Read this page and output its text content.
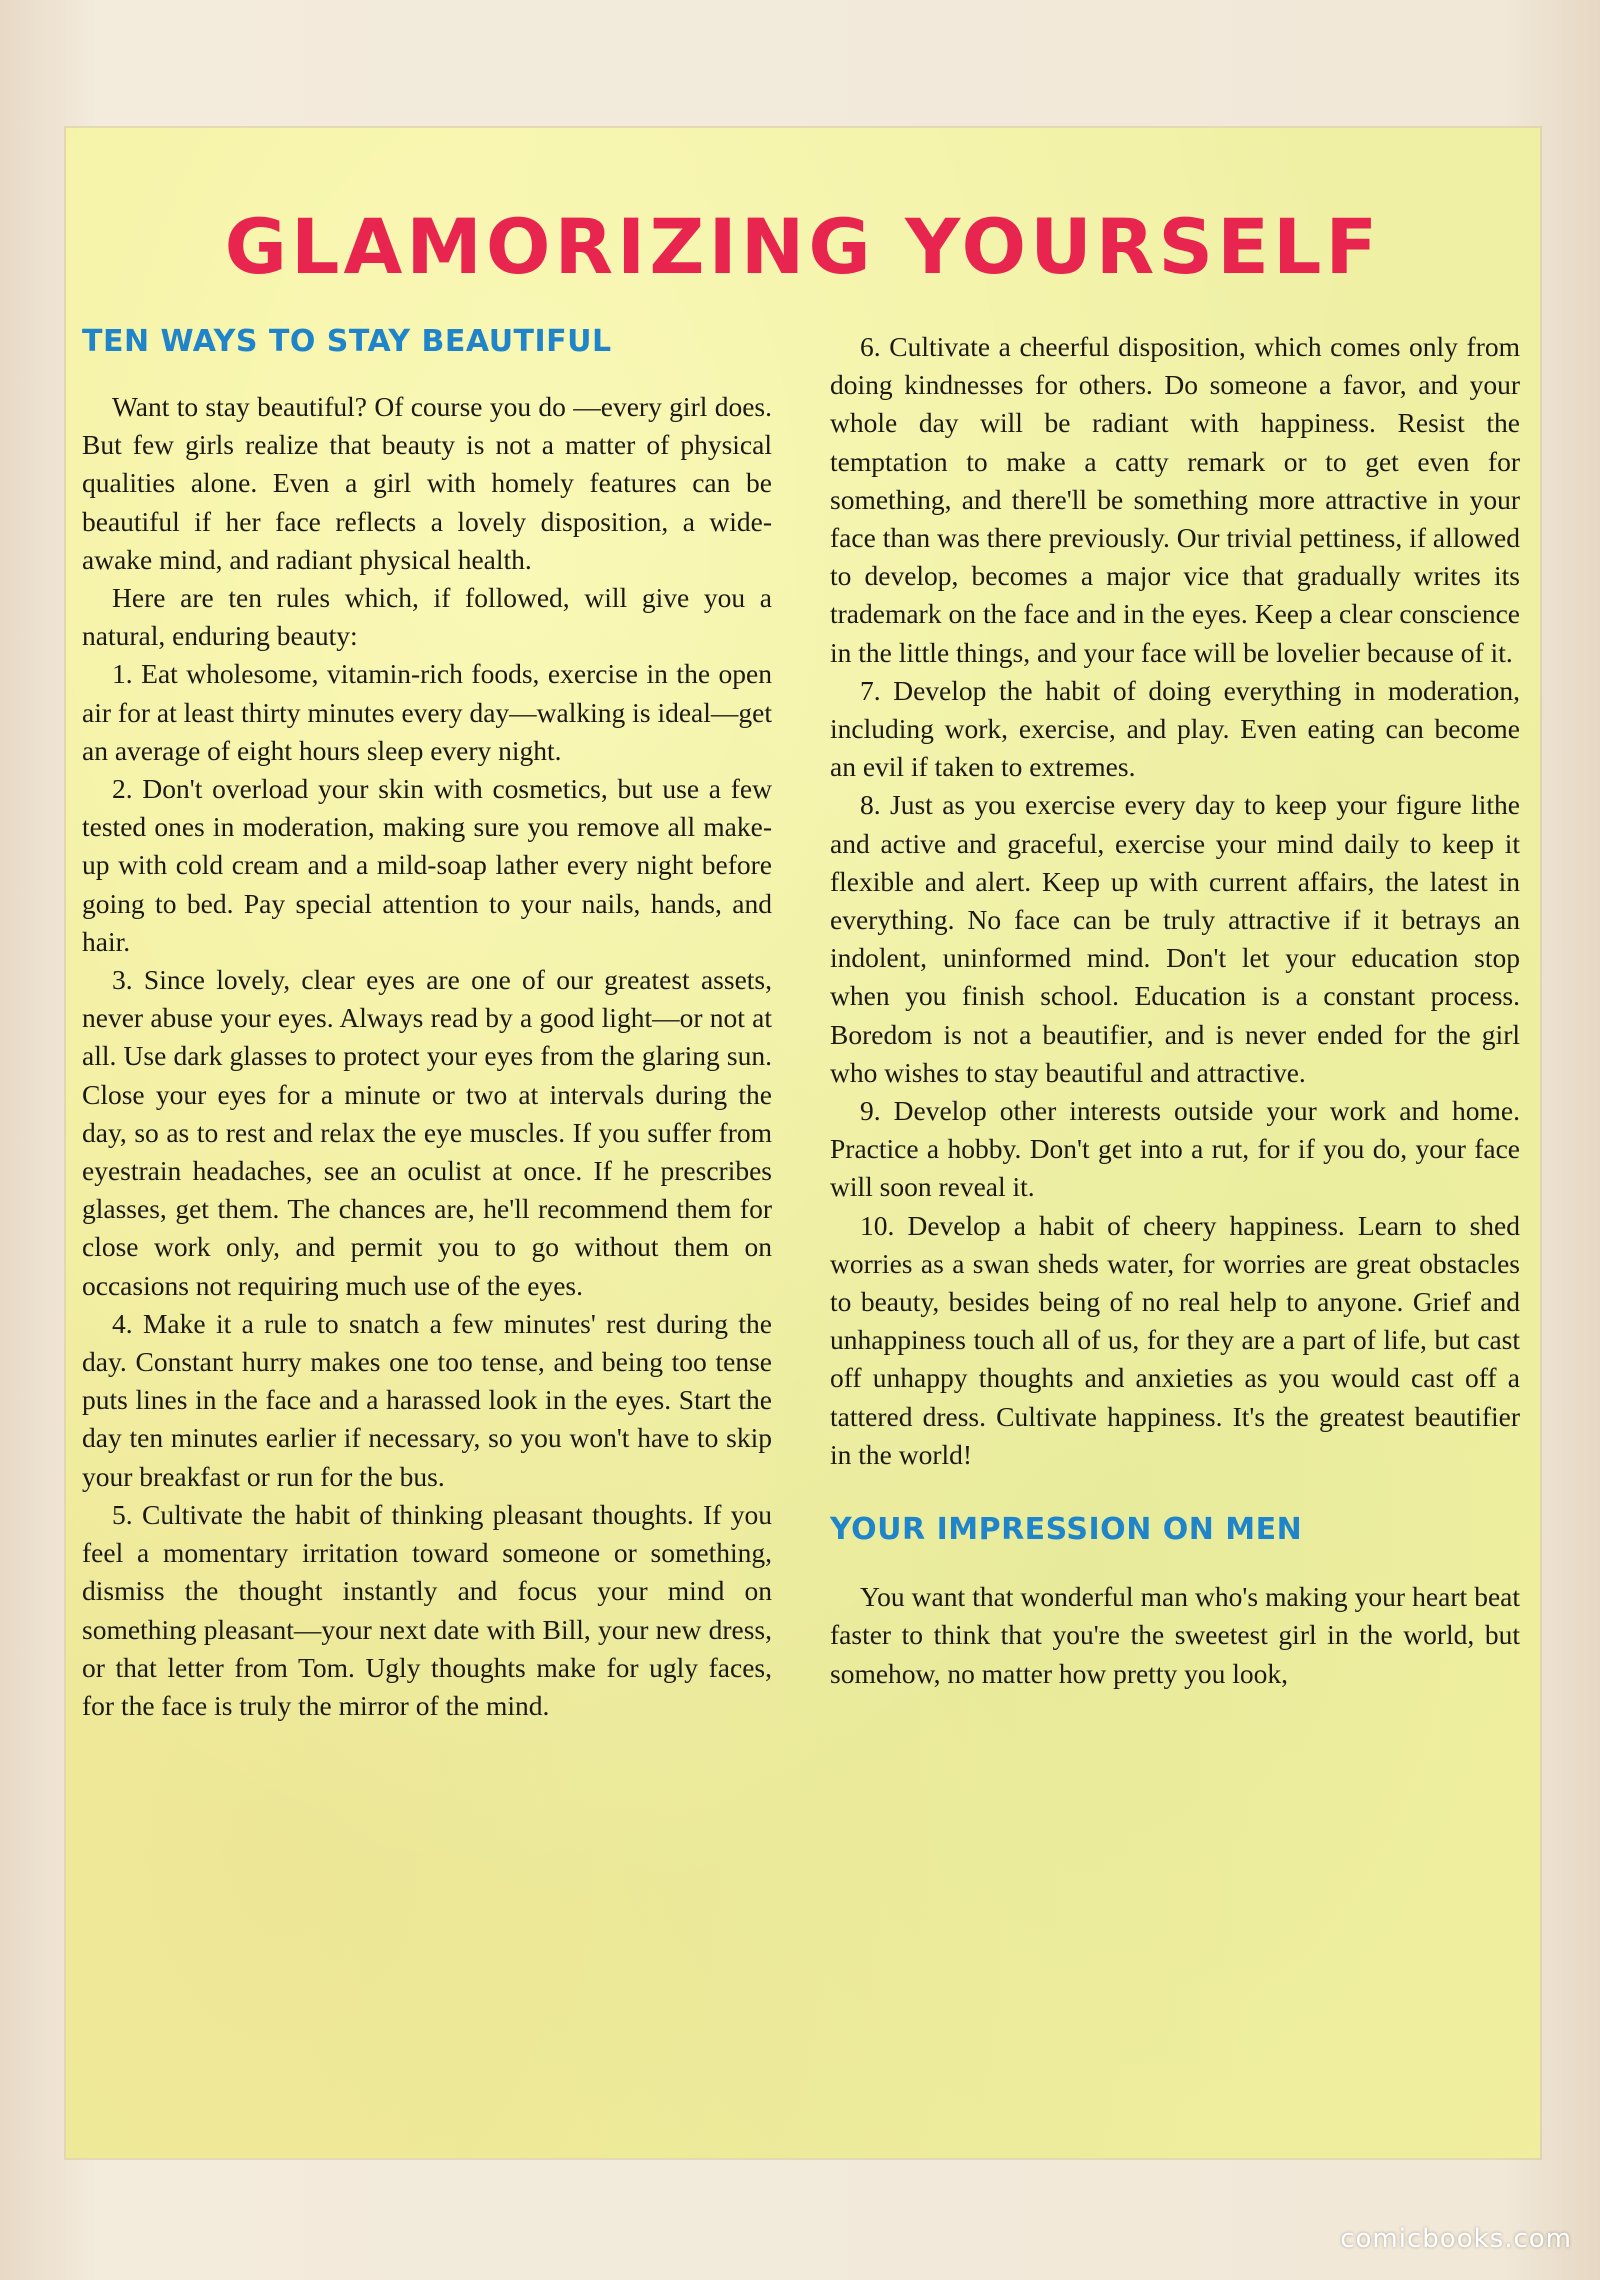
GLAMORIZING YOURSELF
TEN WAYS TO STAY BEAUTIFUL

Want to stay beautiful? Of course you do —every girl does. But few girls realize that beauty is not a matter of physical qualities alone. Even a girl with homely features can be beautiful if her face reflects a lovely disposition, a wide-awake mind, and radiant physical health.

Here are ten rules which, if followed, will give you a natural, enduring beauty:

1. Eat wholesome, vitamin-rich foods, exercise in the open air for at least thirty minutes every day—walking is ideal—get an average of eight hours sleep every night.

2. Don't overload your skin with cosmetics, but use a few tested ones in moderation, making sure you remove all make-up with cold cream and a mild-soap lather every night before going to bed. Pay special attention to your nails, hands, and hair.

3. Since lovely, clear eyes are one of our greatest assets, never abuse your eyes. Always read by a good light—or not at all. Use dark glasses to protect your eyes from the glaring sun. Close your eyes for a minute or two at intervals during the day, so as to rest and relax the eye muscles. If you suffer from eyestrain headaches, see an oculist at once. If he prescribes glasses, get them. The chances are, he'll recommend them for close work only, and permit you to go without them on occasions not requiring much use of the eyes.

4. Make it a rule to snatch a few minutes' rest during the day. Constant hurry makes one too tense, and being too tense puts lines in the face and a harassed look in the eyes. Start the day ten minutes earlier if necessary, so you won't have to skip your breakfast or run for the bus.

5. Cultivate the habit of thinking pleasant thoughts. If you feel a momentary irritation toward someone or something, dismiss the thought instantly and focus your mind on something pleasant—your next date with Bill, your new dress, or that letter from Tom. Ugly thoughts make for ugly faces, for the face is truly the mirror of the mind.

6. Cultivate a cheerful disposition, which comes only from doing kindnesses for others. Do someone a favor, and your whole day will be radiant with happiness. Resist the temptation to make a catty remark or to get even for something, and there'll be something more attractive in your face than was there previously. Our trivial pettiness, if allowed to develop, becomes a major vice that gradually writes its trademark on the face and in the eyes. Keep a clear conscience in the little things, and your face will be lovelier because of it.

7. Develop the habit of doing everything in moderation, including work, exercise, and play. Even eating can become an evil if taken to extremes.

8. Just as you exercise every day to keep your figure lithe and active and graceful, exercise your mind daily to keep it flexible and alert. Keep up with current affairs, the latest in everything. No face can be truly attractive if it betrays an indolent, uninformed mind. Don't let your education stop when you finish school. Education is a constant process. Boredom is not a beautifier, and is never ended for the girl who wishes to stay beautiful and attractive.

9. Develop other interests outside your work and home. Practice a hobby. Don't get into a rut, for if you do, your face will soon reveal it.

10. Develop a habit of cheery happiness. Learn to shed worries as a swan sheds water, for worries are great obstacles to beauty, besides being of no real help to anyone. Grief and unhappiness touch all of us, for they are a part of life, but cast off unhappy thoughts and anxieties as you would cast off a tattered dress. Cultivate happiness. It's the greatest beautifier in the world!

YOUR IMPRESSION ON MEN

You want that wonderful man who's making your heart beat faster to think that you're the sweetest girl in the world, but somehow, no matter how pretty you look,

comicbooks.com
